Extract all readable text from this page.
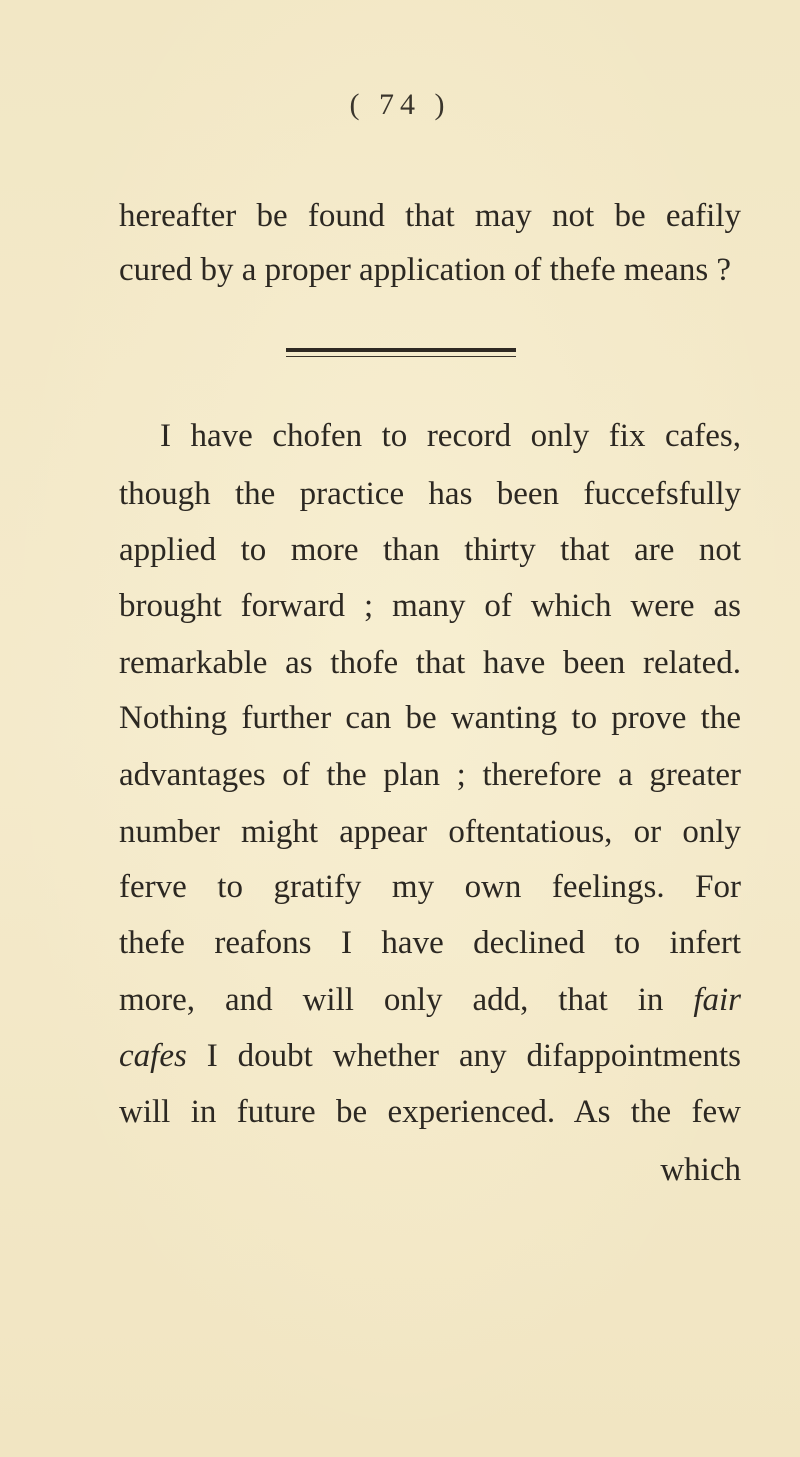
( 74 )
hereafter be found that may not be eafily
cured by a proper application of thefe means ?
I have chofen to record only fix cafes,
though the practice has been fuccefsfully
applied to more than thirty that are not
brought forward ; many of which were as
remarkable as thofe that have been related.
Nothing further can be wanting to prove the
advantages of the plan ; therefore a greater
number might appear oftentatious, or only
ferve to gratify my own feelings. For
thefe reafons I have declined to infert
more, and will only add, that in fair
cafes I doubt whether any difappointments
will in future be experienced. As the few
which
